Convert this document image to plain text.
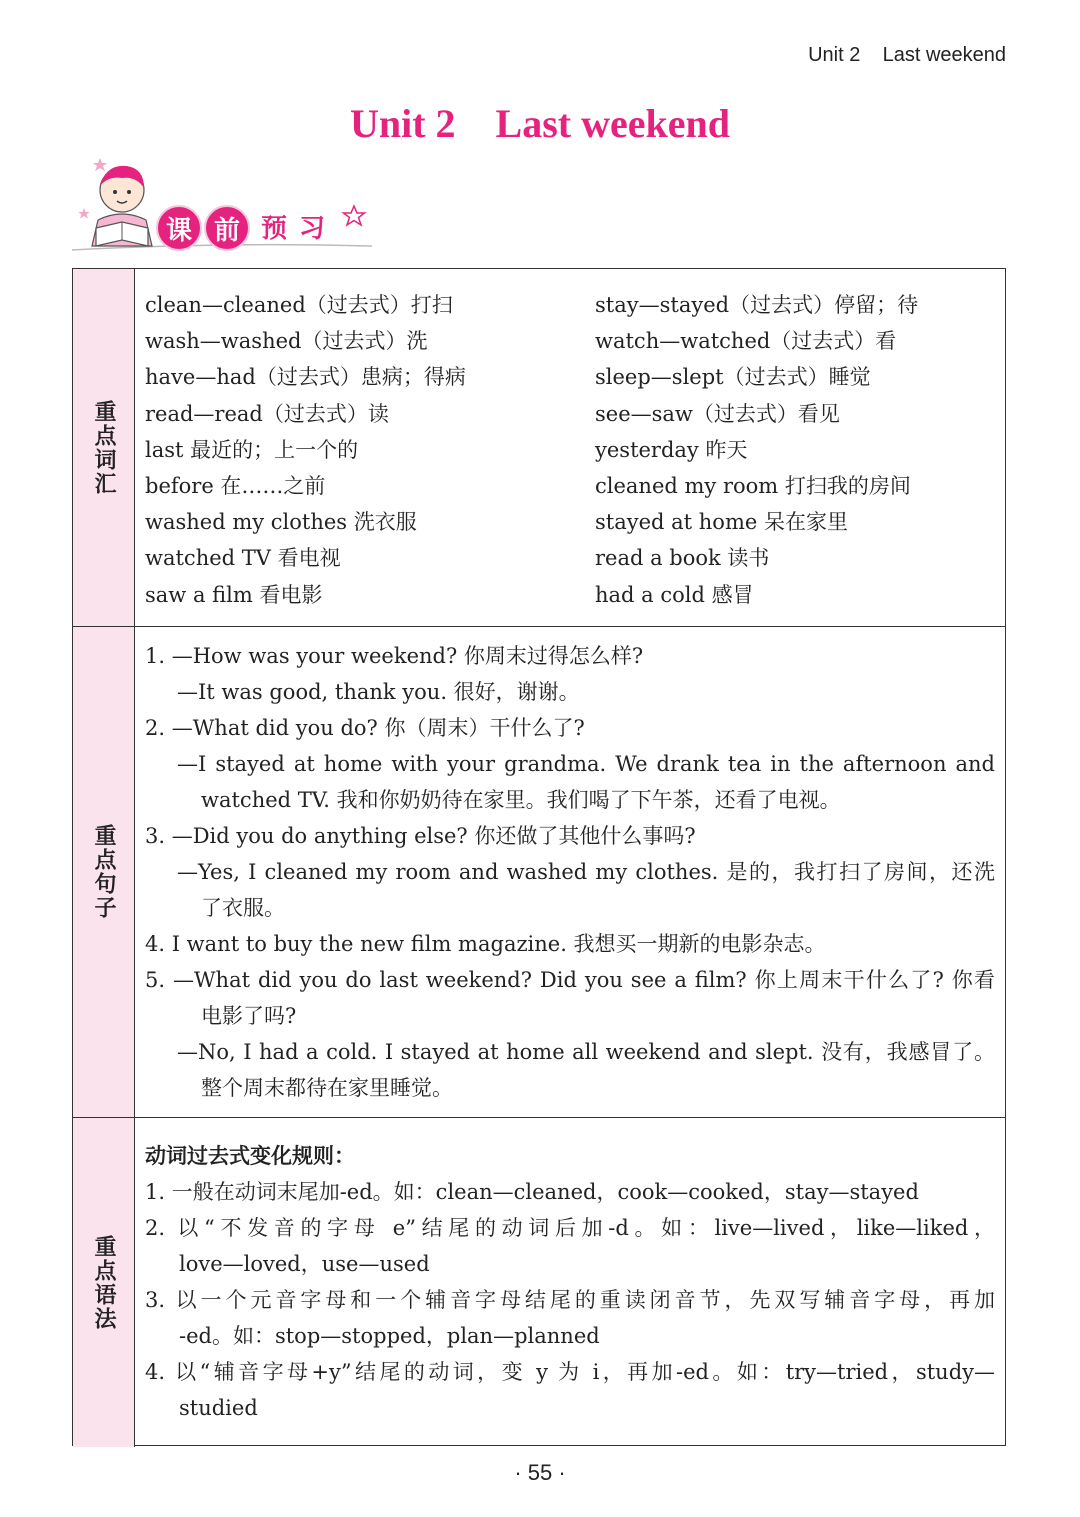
Unit 2    Last weekend
Unit 2    Last weekend
课 前 预 习
重点词汇
clean—cleaned（过去式）打扫
wash—washed（过去式）洗
have—had（过去式）患病；得病
read—read（过去式）读
last 最近的；上一个的
before 在……之前
washed my clothes 洗衣服
watched TV 看电视
saw a film 看电影
stay—stayed（过去式）停留；待
watch—watched（过去式）看
sleep—slept（过去式）睡觉
see—saw（过去式）看见
yesterday 昨天
cleaned my room 打扫我的房间
stayed at home 呆在家里
read a book 读书
had a cold 感冒
重点句子
1. —How was your weekend? 你周末过得怎么样?
—It was good, thank you. 很好，谢谢。
2. —What did you do? 你（周末）干什么了?
—I stayed at home with your grandma. We drank tea in the afternoon and
watched TV. 我和你奶奶待在家里。我们喝了下午茶，还看了电视。
3. —Did you do anything else? 你还做了其他什么事吗?
—Yes, I cleaned my room and washed my clothes. 是的，我打扫了房间，还洗
了衣服。
4. I want to buy the new film magazine. 我想买一期新的电影杂志。
5. —What did you do last weekend? Did you see a film? 你上周末干什么了? 你看
电影了吗?
—No, I had a cold. I stayed at home all weekend and slept. 没有，我感冒了。
整个周末都待在家里睡觉。
重点语法
动词过去式变化规则：
1. 一般在动词末尾加-ed。如：clean—cleaned，cook—cooked，stay—stayed
2. 以“不发音的字母 e”结尾的动词后加-d。如：live—lived，like—liked，
love—loved，use—used
3. 以一个元音字母和一个辅音字母结尾的重读闭音节，先双写辅音字母，再加
-ed。如：stop—stopped，plan—planned
4. 以“辅音字母+y”结尾的动词，变 y 为 i，再加-ed。如：try—tried，study—
studied
· 55 ·
